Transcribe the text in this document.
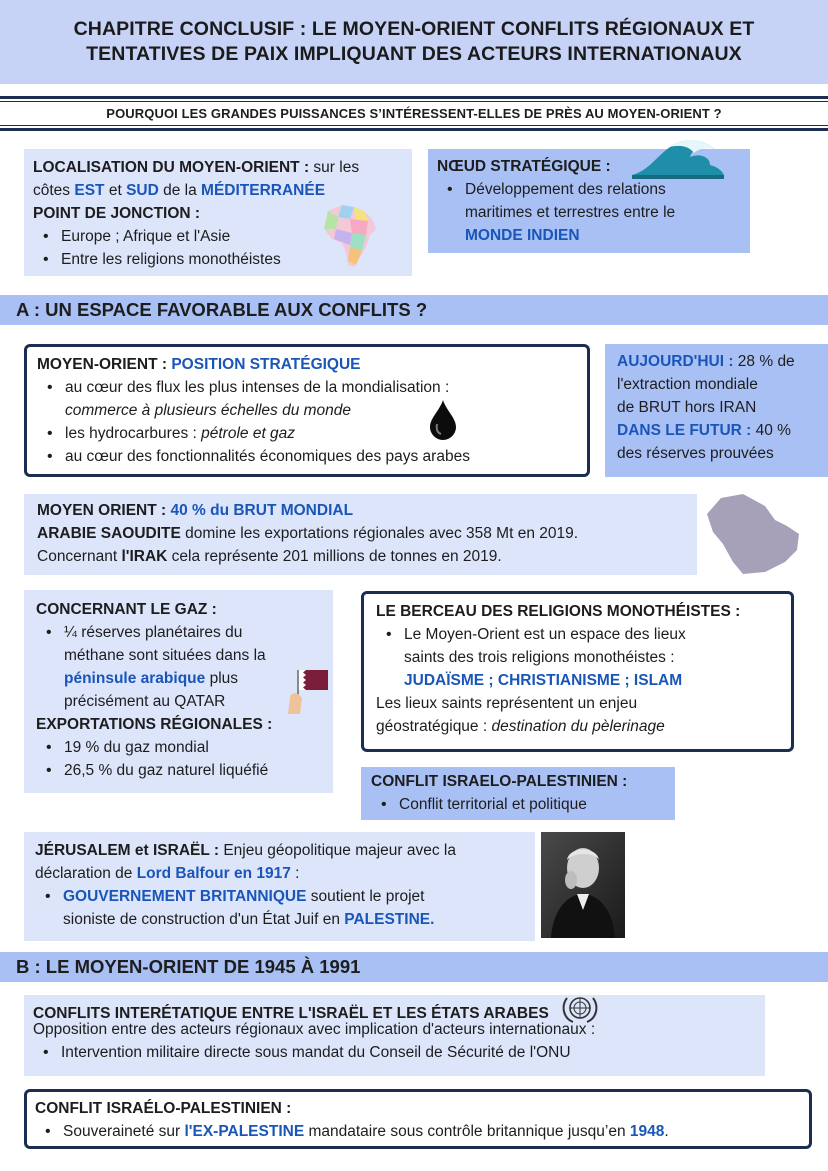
CHAPITRE CONCLUSIF : LE MOYEN-ORIENT CONFLITS RÉGIONAUX ET
TENTATIVES DE PAIX IMPLIQUANT DES ACTEURS INTERNATIONAUX
POURQUOI LES GRANDES PUISSANCES S’INTÉRESSENT-ELLES DE PRÈS AU MOYEN-ORIENT ?
LOCALISATION DU MOYEN-ORIENT : sur les
côtes EST et SUD de la MÉDITERRANÉE
POINT DE JONCTION :
• Europe ; Afrique et l'Asie
• Entre les religions monothéistes
NŒUD STRATÉGIQUE :
• Développement des relations
maritimes et terrestres entre le
MONDE INDIEN
A : UN ESPACE FAVORABLE AUX CONFLITS ?
MOYEN-ORIENT : POSITION STRATÉGIQUE
• au cœur des flux les plus intenses de la mondialisation :
commerce à plusieurs échelles du monde
• les hydrocarbures : pétrole et gaz
• au cœur des fonctionnalités économiques des pays arabes
AUJOURD'HUI : 28 % de
l'extraction mondiale
de BRUT hors IRAN
DANS LE FUTUR : 40 %
des réserves prouvées
MOYEN ORIENT : 40 % du BRUT MONDIAL
ARABIE SAOUDITE domine les exportations régionales avec 358 Mt en 2019.
Concernant l'IRAK cela représente 201 millions de tonnes en 2019.
CONCERNANT LE GAZ :
• ¼ réserves planétaires du
méthane sont situées dans la
péninsule arabique plus
précisément au QATAR
EXPORTATIONS RÉGIONALES :
• 19 % du gaz mondial
• 26,5 % du gaz naturel liquéfié
LE BERCEAU DES RELIGIONS MONOTHÉISTES :
• Le Moyen-Orient est un espace des lieux
saints des trois religions monothéistes :
JUDAÏSME ; CHRISTIANISME ; ISLAM
Les lieux saints représentent un enjeu
géostratégique : destination du pèlerinage
CONFLIT ISRAELO-PALESTINIEN :
• Conflit territorial et politique
JÉRUSALEM et ISRAËL : Enjeu géopolitique majeur avec la
déclaration de Lord Balfour en 1917 :
• GOUVERNEMENT BRITANNIQUE soutient le projet
sioniste de construction d'un État Juif en PALESTINE.
B : LE MOYEN-ORIENT DE 1945 À 1991
CONFLITS INTERÉTATIQUE ENTRE L'ISRAËL ET LES ÉTATS ARABES
Opposition entre des acteurs régionaux avec implication d'acteurs internationaux :
• Intervention militaire directe sous mandat du Conseil de Sécurité de l'ONU
CONFLIT ISRAÉLO-PALESTINIEN :
• Souveraineté sur l'EX-PALESTINE mandataire sous contrôle britannique jusqu’en 1948.
